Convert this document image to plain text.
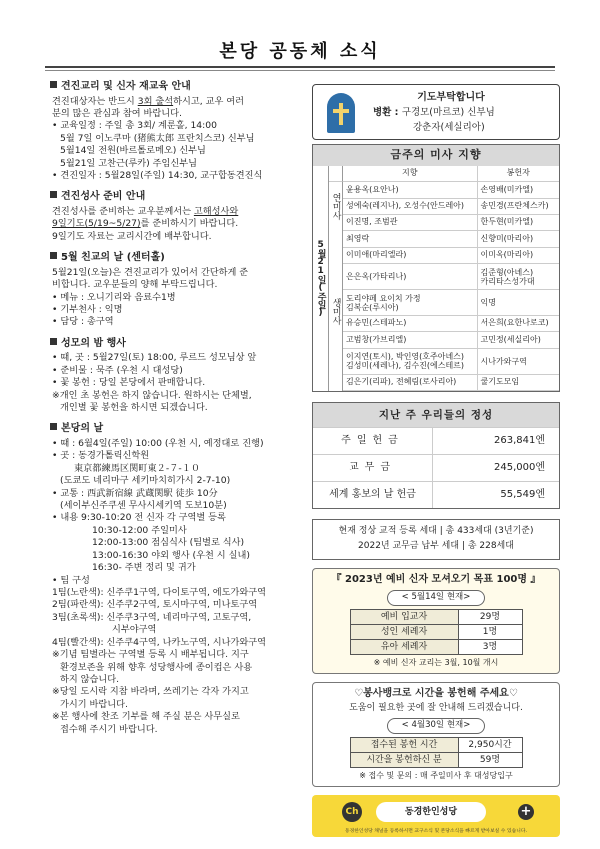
본당 공동체 소식
견진교리 및 신자 재교육 안내

견진대상자는 반드시 3회 출석하시고, 교우 여러

분의 많은 관심과 참여 바랍니다.

• 교육일정 : 주일 총 3회/ 계룬홀, 14:00

5월 7일 이노쿠마 (猪熊太郎 프란치스코) 신부님

5월14일 전원(바르톨로메오) 신부님

5월21일 고찬근(루카) 주임신부님

• 견진일자 : 5월28일(주일) 14:30, 교구합동견진식

견진성사 준비 안내

견진성사를 준비하는 교우분께서는 고해성사와

9일기도(5/19~5/27)를 준비하시기 바랍니다.

9일기도 자료는 교리시간에 배부합니다.

5월 친교의 날 (센터홀)

5월21일(오늘)은 견진교리가 있어서 간단하게 준

비합니다. 교우분들의 양해 부탁드립니다.

• 메뉴 : 오니기리와 음료수1병

• 기부천사 : 익명

• 담당 : 총구역

성모의 밤 행사

• 때, 곳 : 5월27일(토) 18:00, 루르드 성모님상 앞

• 준비물 : 묵주 (우천 시 대성당)

• 꽃 봉헌 : 당일 본당에서 판매합니다.

※개인 초 봉헌은 하지 않습니다. 원하시는 단체별,

개인별 꽃 봉헌을 하시면 되겠습니다.

본당의 날

• 때 : 6월4일(주일) 10:00 (우천 시, 예정대로 진행)

• 곳 : 동경가톨릭신학원

東京都練馬区関町東２-７-１０

(도쿄도 네리마구 세키마치히가시 2-7-10)

• 교통 : 西武新宿線 武蔵関駅 徒歩 10分

(세이부신주쿠센 무사시세키역 도보10분)

• 내용 9:30-10:20 전 신자 각 구역별 등록

10:30-12:00 주일미사

12:00-13:00 점심식사 (팀별로 식사)

13:00-16:30 야외 행사 (우천 시 실내)

16:30- 주변 정리 및 귀가

• 팀 구성

1팀(노란색): 신주쿠1구역, 다이토구역, 에도가와구역

2팀(파란색): 신주쿠2구역, 토시마구역, 미나토구역

3팀(초록색): 신주쿠3구역, 네리마구역, 고토구역,

시부야구역

4팀(빨간색): 신주쿠4구역, 나카노구역, 시나가와구역

※기념 팀별라는 구역별 등록 시 배부됩니다. 지구

환경보존을 위해 향후 성당행사에 종이컵은 사용

하지 않습니다.

※당일 도시락 지참 바라며, 쓰레기는 각자 가지고

가시기 바랍니다.

※본 행사에 찬조 기부를 해 주실 분은 사무실로

접수해 주시기 바랍니다.

기도부탁합니다
병환 : 구경모(마르코) 신부님
강춘자(세실리아)
금주의 미사 지향
5월21일(주일)
지향	봉헌자
연미사
윤용옥(요안나)	손영배(미카엘)
성에숙(레지나), 오성수(안드레아)	송민경(프란체스카)
이진명, 조범관	한두현(미카엘)
생미사
최영락	신향미(마리아)
이미애(마리엘라)	이미옥(마리아)
은은옥(가타리나)	김준형(아녜스)
카리타스성가대
도리야페 요이치 가정
김복순(루시아)	익명
유승민(스테파노)	서은희(요한나로코)
고범창(가브리엘)	고민정(세실리아)
이지연(토시), 박인영(호주아녜스)
김성미(세레나), 김수진(에스테르)	시나가와구역
김은기(리파), 전혜림(로사리아)	쿨기도모임
지난 주 우리들의 정성
주일헌금	263,841엔
교무금	245,000엔
세계 홍보의 날 헌금	55,549엔
현재 정상 교적 등록 세대 | 총 433세대 (3년기준)
2022년 교무금 납부 세대 | 총 228세대
『 2023년 예비 신자 모셔오기 목표 100명 』
< 5월14일 현재>
예비 입교자	29명
성인 세례자	1명
유아 세례자	3명
※ 예비 신자 교리는 3월, 10월 개시
♡봉사뱅크로 시간을 봉헌해 주세요♡
도움이 필요한 곳에 잘 안내해 드리겠습니다.
< 4월30일 현재>
접수된 봉헌 시간	2,950시간
시간을 봉헌하신 분	59명
※ 접수 및 문의 : 매 주일미사 후 대성당입구
Ch	동경한인성당	+
동경한인성당 채널을 등록하시면 교구소식 및 본당소식을 빠르게 받아보실 수 있습니다.
